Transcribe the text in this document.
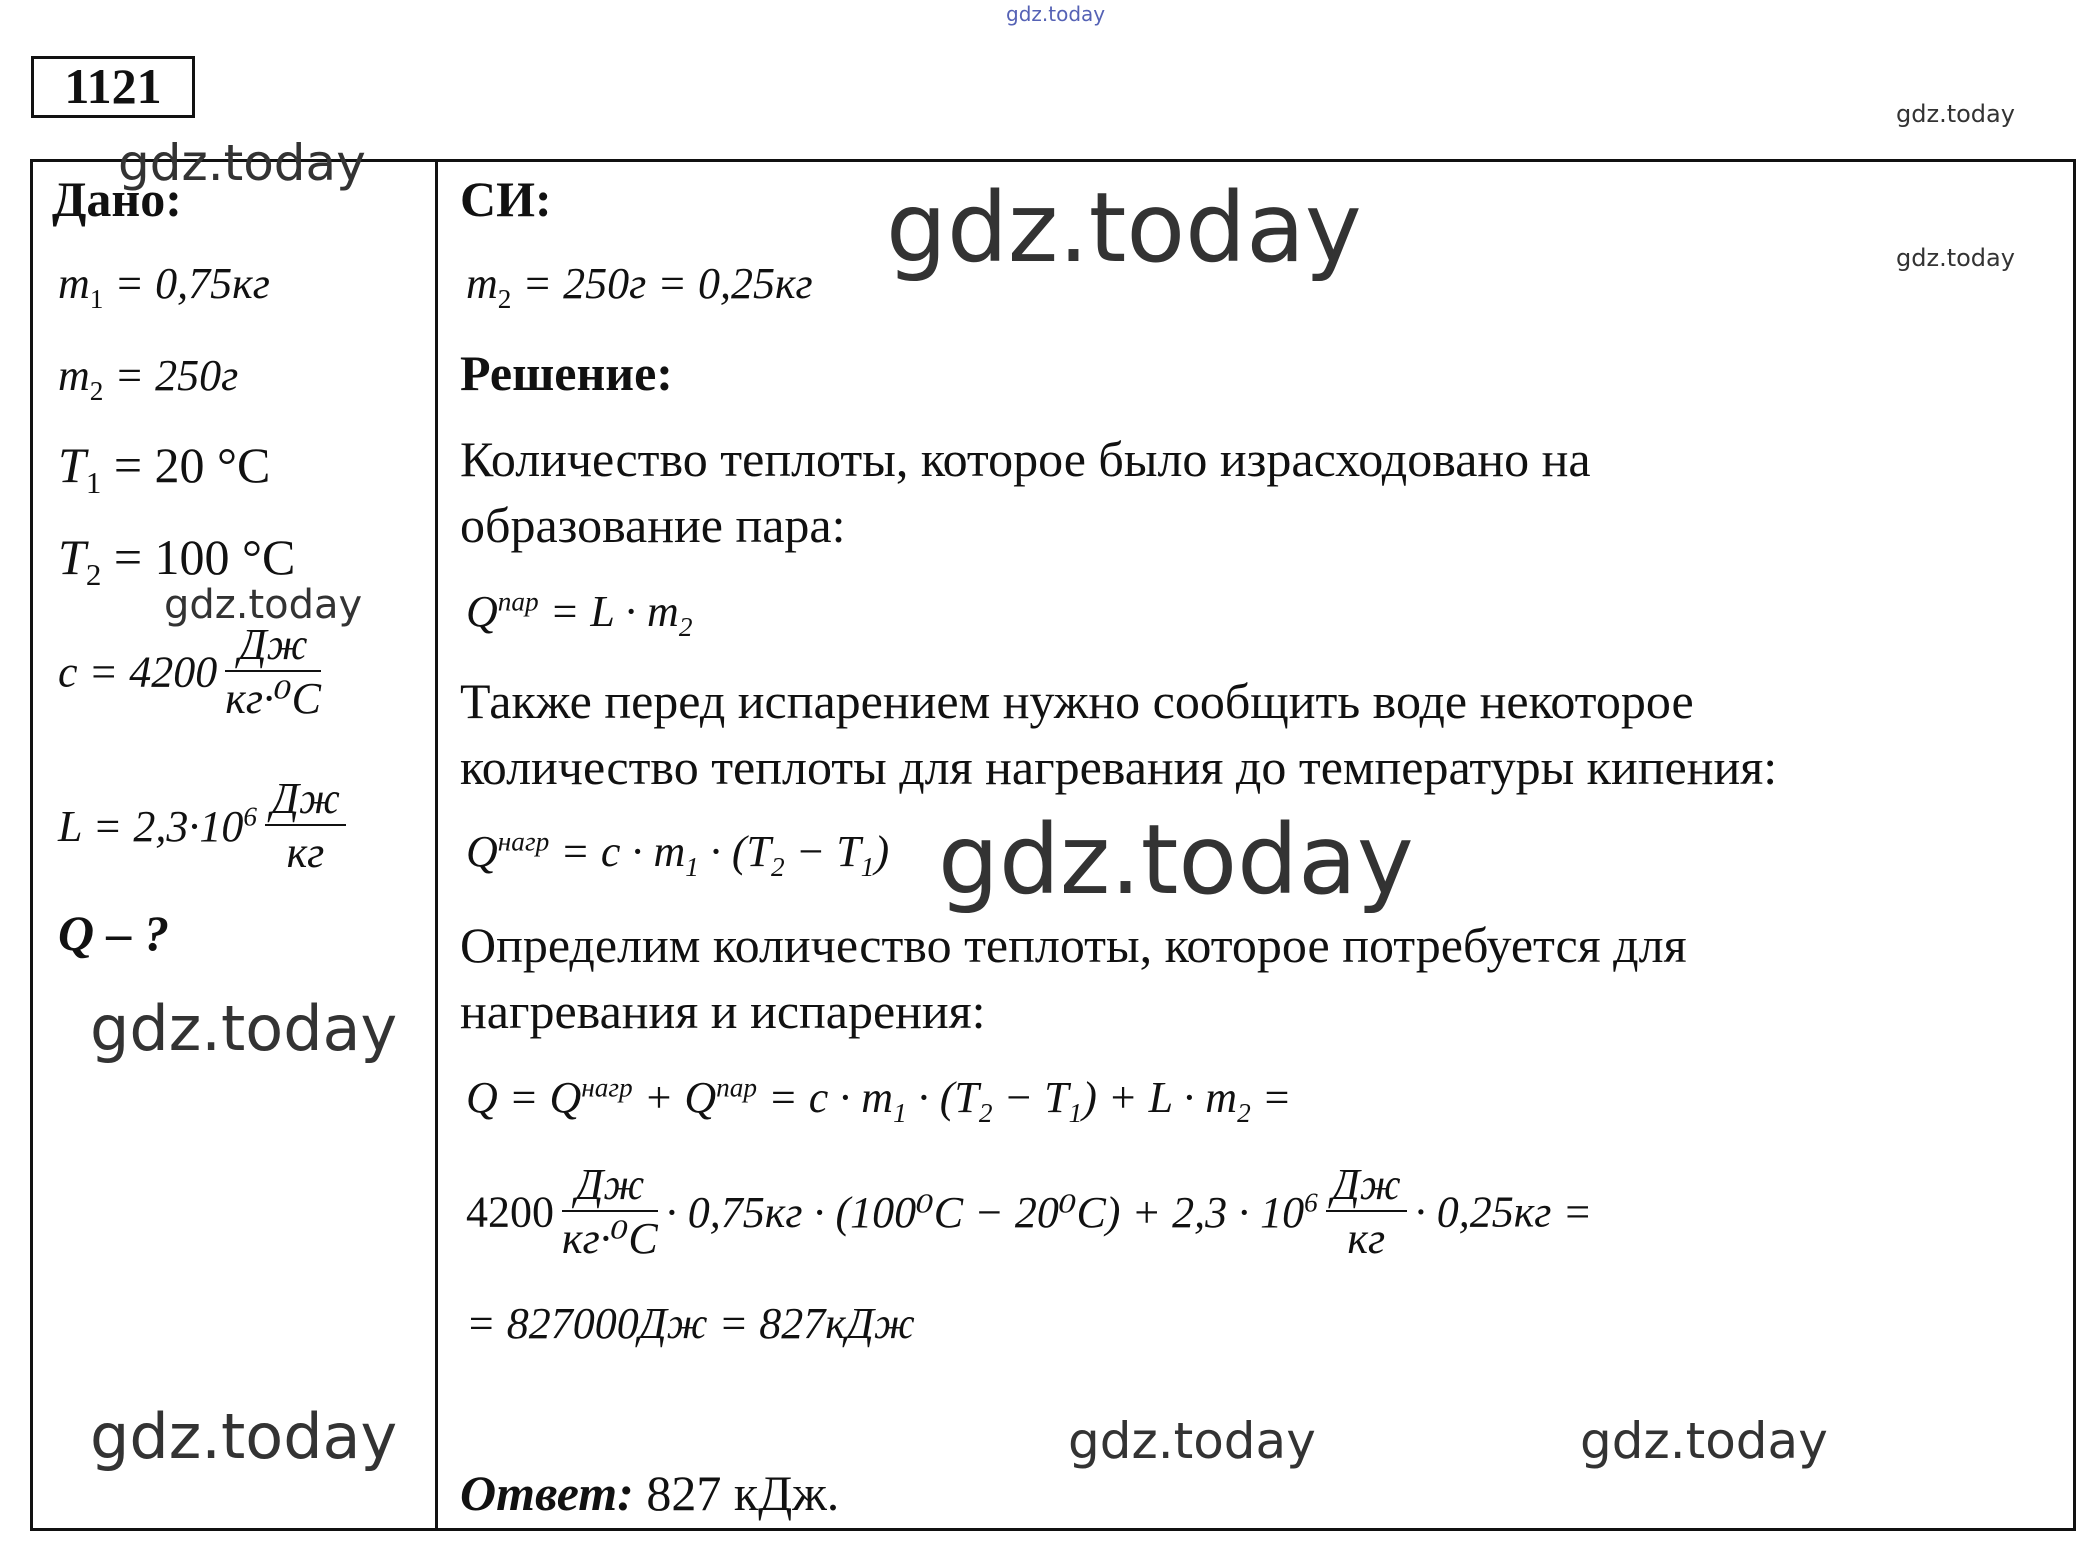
1121
Дано:
$m_1 = 0,75кг$
$m_2 = 250г$
$T_1 = 20$ °C
$T_2 = 100$ °C
$c = 4200 \frac{Дж}{\text{кг·⁰C}}$
$L = 2,3\cdot 10^6 \frac{Дж}{кг}$
Q – ?
СИ:
$m_2 = 250г = 0,25кг$
Решение:
Количество теплоты, которое было израсходовано на
образование пара:
$Q^{пар} = L \cdot m_2$
Также перед испарением нужно сообщить воде некоторое
количество теплоты для нагревания до температуры кипения:
$Q^{нагр} = c \cdot m_1 \cdot (T_2 - T_1)$
Определим количество теплоты, которое потребуется для
нагревания и испарения:
$Q = Q^{нагр} + Q^{пар} = c \cdot m_1 \cdot (T_2 - T_1) + L \cdot m_2$ =
$4200 \frac{Дж}{\text{кг·⁰C}} \cdot 0,75кг \cdot (100^0C - 20^0C) + 2,3 \cdot 10^6 \frac{Дж}{кг} \cdot 0,25кг$ =
= 827000Дж = 827кДж
Ответ: 827 кДж.
gdz.today
gdz.today
gdz.today
gdz.today	gdz.today
gdz.today
gdz.today
gdz.today
gdz.today	gdz.today	gdz.today
